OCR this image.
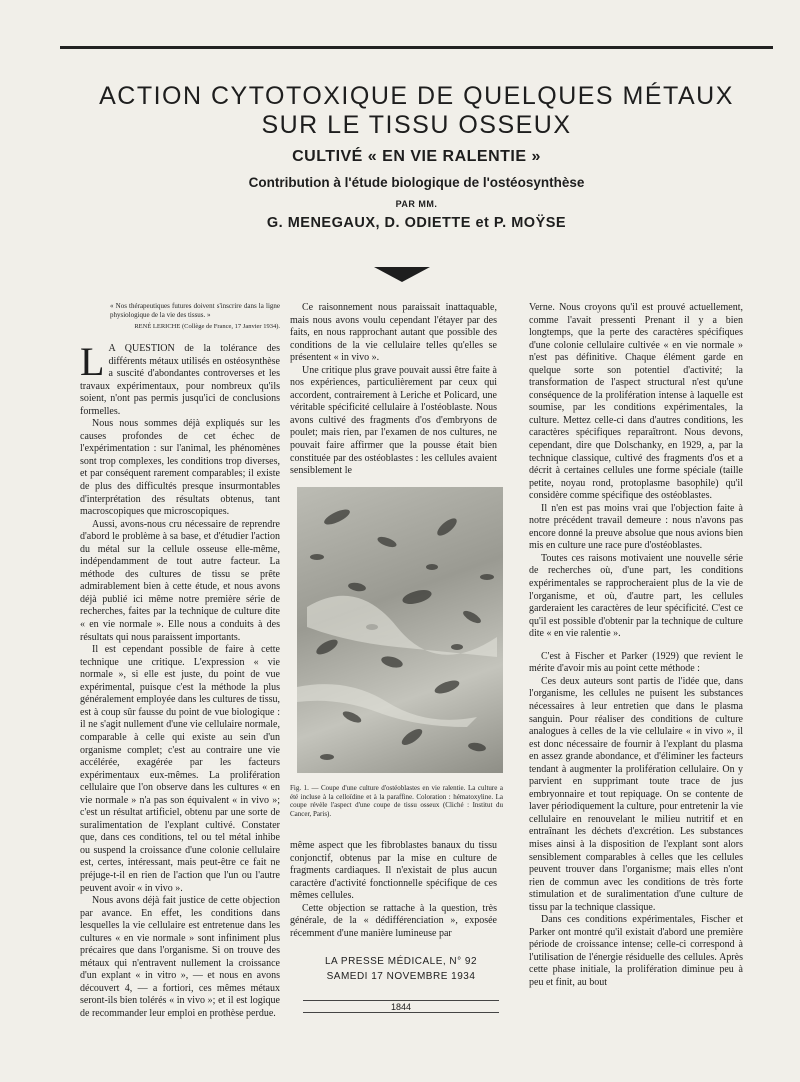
ACTION CYTOTOXIQUE DE QUELQUES MÉTAUX
SUR LE TISSU OSSEUX
CULTIVÉ « EN VIE RALENTIE »
Contribution à l'étude biologique de l'ostéosynthèse
PAR MM.
G. MENEGAUX, D. ODIETTE et P. MOŸSE
« Nos thérapeutiques futures doivent s'inscrire dans la ligne physiologique de la vie des tissus. »
RENÉ LERICHE (Collège de France, 17 Janvier 1934).

L A QUESTION de la tolérance des différents métaux utilisés en ostéosynthèse a suscité d'abondantes controverses et les travaux expérimentaux, pour nombreux qu'ils soient, n'ont pas permis jusqu'ici de conclusions formelles.

Nous nous sommes déjà expliqués sur les causes profondes de cet échec de l'expérimentation : sur l'animal, les phénomènes sont trop complexes, les conditions trop diverses, et par conséquent rarement comparables; il existe de plus des difficultés presque insurmontables d'interprétation des résultats obtenus, tant macroscopiques que microscopiques.

Aussi, avons-nous cru nécessaire de reprendre d'abord le problème à sa base, et d'étudier l'action du métal sur la cellule osseuse elle-même, indépendamment de tout autre facteur. La méthode des cultures de tissu se prête admirablement bien à cette étude, et nous avons déjà publié ici même notre première série de recherches, faites par la technique de culture dite « en vie normale ». Elle nous a conduits à des résultats qui nous paraissent importants.

Il est cependant possible de faire à cette technique une critique. L'expression « vie normale », si elle est juste, du point de vue expérimental, puisque c'est la méthode la plus généralement employée dans les cultures de tissu, est à coup sûr fausse du point de vue biologique : il ne s'agit nullement d'une vie cellulaire normale, comparable à celle qui existe au sein d'un organisme complet; c'est au contraire une vie accélérée, exagérée par les facteurs expérimentaux eux-mêmes. La prolifération cellulaire que l'on observe dans les cultures « en vie normale » n'a pas son équivalent « in vivo »; c'est un résultat artificiel, obtenu par une sorte de suralimentation de l'explant cultivé. Constater que, dans ces conditions, tel ou tel métal inhibe ou suspend la croissance d'une colonie cellulaire est, certes, intéressant, mais peut-être ce fait ne préjuge-t-il en rien de l'action que l'un ou l'autre peuvent avoir « in vivo ».

Nous avons déjà fait justice de cette objection par avance. En effet, les conditions dans lesquelles la vie cellulaire est entretenue dans les cultures « en vie normale » sont infiniment plus précaires que dans l'organisme. Si on trouve des métaux qui n'entravent nullement la croissance d'un explant « in vitro », — et nous en avons découvert 4, — a fortiori, ces mêmes métaux seront-ils bien tolérés « in vivo »; et il est logique de recommander leur emploi en prothèse perdue.

Ce raisonnement nous paraissait inattaquable, mais nous avons voulu cependant l'étayer par des faits, en nous rapprochant autant que possible des conditions de la vie cellulaire telles qu'elles se présentent « in vivo ».

Une critique plus grave pouvait aussi être faite à nos expériences, particulièrement par ceux qui accordent, contrairement à Leriche et Policard, une véritable spécificité cellulaire à l'ostéoblaste. Nous avons cultivé des fragments d'os d'embryons de poulet; mais rien, par l'examen de nos cultures, ne pouvait faire affirmer que la pousse était bien constituée par des ostéoblastes : les cellules avaient sensiblement le

Fig. 1. — Coupe d'une culture d'ostéoblastes en vie ralentie. La culture a été incluse à la celloïdine et à la paraffine. Coloration : hématoxyline. La coupe révèle l'aspect d'une coupe de tissu osseux (Cliché : Institut du Cancer, Paris).

même aspect que les fibroblastes banaux du tissu conjonctif, obtenus par la mise en culture de fragments cardiaques. Il n'existait de plus aucun caractère d'activité fonctionnelle spécifique de ces mêmes cellules.

Cette objection se rattache à la question, très générale, de la « dédifférenciation », exposée récemment d'une manière lumineuse par

LA PRESSE MÉDICALE, N° 92
SAMEDI 17 NOVEMBRE 1934
1844

Verne. Nous croyons qu'il est prouvé actuellement, comme l'avait pressenti Prenant il y a bien longtemps, que la perte des caractères spécifiques d'une colonie cellulaire cultivée « en vie normale » n'est pas définitive. Chaque élément garde en quelque sorte son potentiel d'activité; la transformation de l'aspect structural n'est qu'une conséquence de la prolifération intense à laquelle est soumise, par les conditions expérimentales, la culture. Mettez celle-ci dans d'autres conditions, les caractères spécifiques reparaîtront. Nous devons, cependant, dire que Dolschanky, en 1929, a, par la technique classique, cultivé des fragments d'os et a décrit à certaines cellules une forme spéciale (taille petite, noyau rond, protoplasme basophile) qu'il considère comme spécifique des ostéoblastes.

Il n'en est pas moins vrai que l'objection faite à notre précédent travail demeure : nous n'avons pas encore donné la preuve absolue que nous avions bien mis en culture une race pure d'ostéoblastes.

Toutes ces raisons motivaient une nouvelle série de recherches où, d'une part, les conditions expérimentales se rapprocheraient plus de la vie de l'organisme, et où, d'autre part, les cellules garderaient les caractères de leur spécificité. C'est ce qu'il est possible d'obtenir par la technique de culture dite « en vie ralentie ».

C'est à Fischer et Parker (1929) que revient le mérite d'avoir mis au point cette méthode :

Ces deux auteurs sont partis de l'idée que, dans l'organisme, les cellules ne puisent les substances nécessaires à leur entretien que dans le plasma sanguin. Pour réaliser des conditions de culture analogues à celles de la vie cellulaire « in vivo », il est donc nécessaire de fournir à l'explant du plasma en assez grande abondance, et d'éliminer les facteurs tendant à augmenter la prolifération cellulaire. On y parvient en supprimant toute trace de jus embryonnaire et tout repiquage. On se contente de laver périodiquement la culture, pour entretenir la vie cellulaire en renouvelant le milieu nutritif et en entraînant les déchets d'excrétion. Les substances mises ainsi à la disposition de l'explant sont alors sensiblement comparables à celles que les cellules peuvent trouver dans l'organisme; mais elles n'ont rien de commun avec les conditions de très forte stimulation et de suralimentation d'une culture de tissu par la technique classique.

Dans ces conditions expérimentales, Fischer et Parker ont montré qu'il existait d'abord une première période de croissance intense; celle-ci correspond à l'utilisation de l'énergie résiduelle des cellules. Après cette phase initiale, la prolifération diminue peu à peu et finit, au bout
